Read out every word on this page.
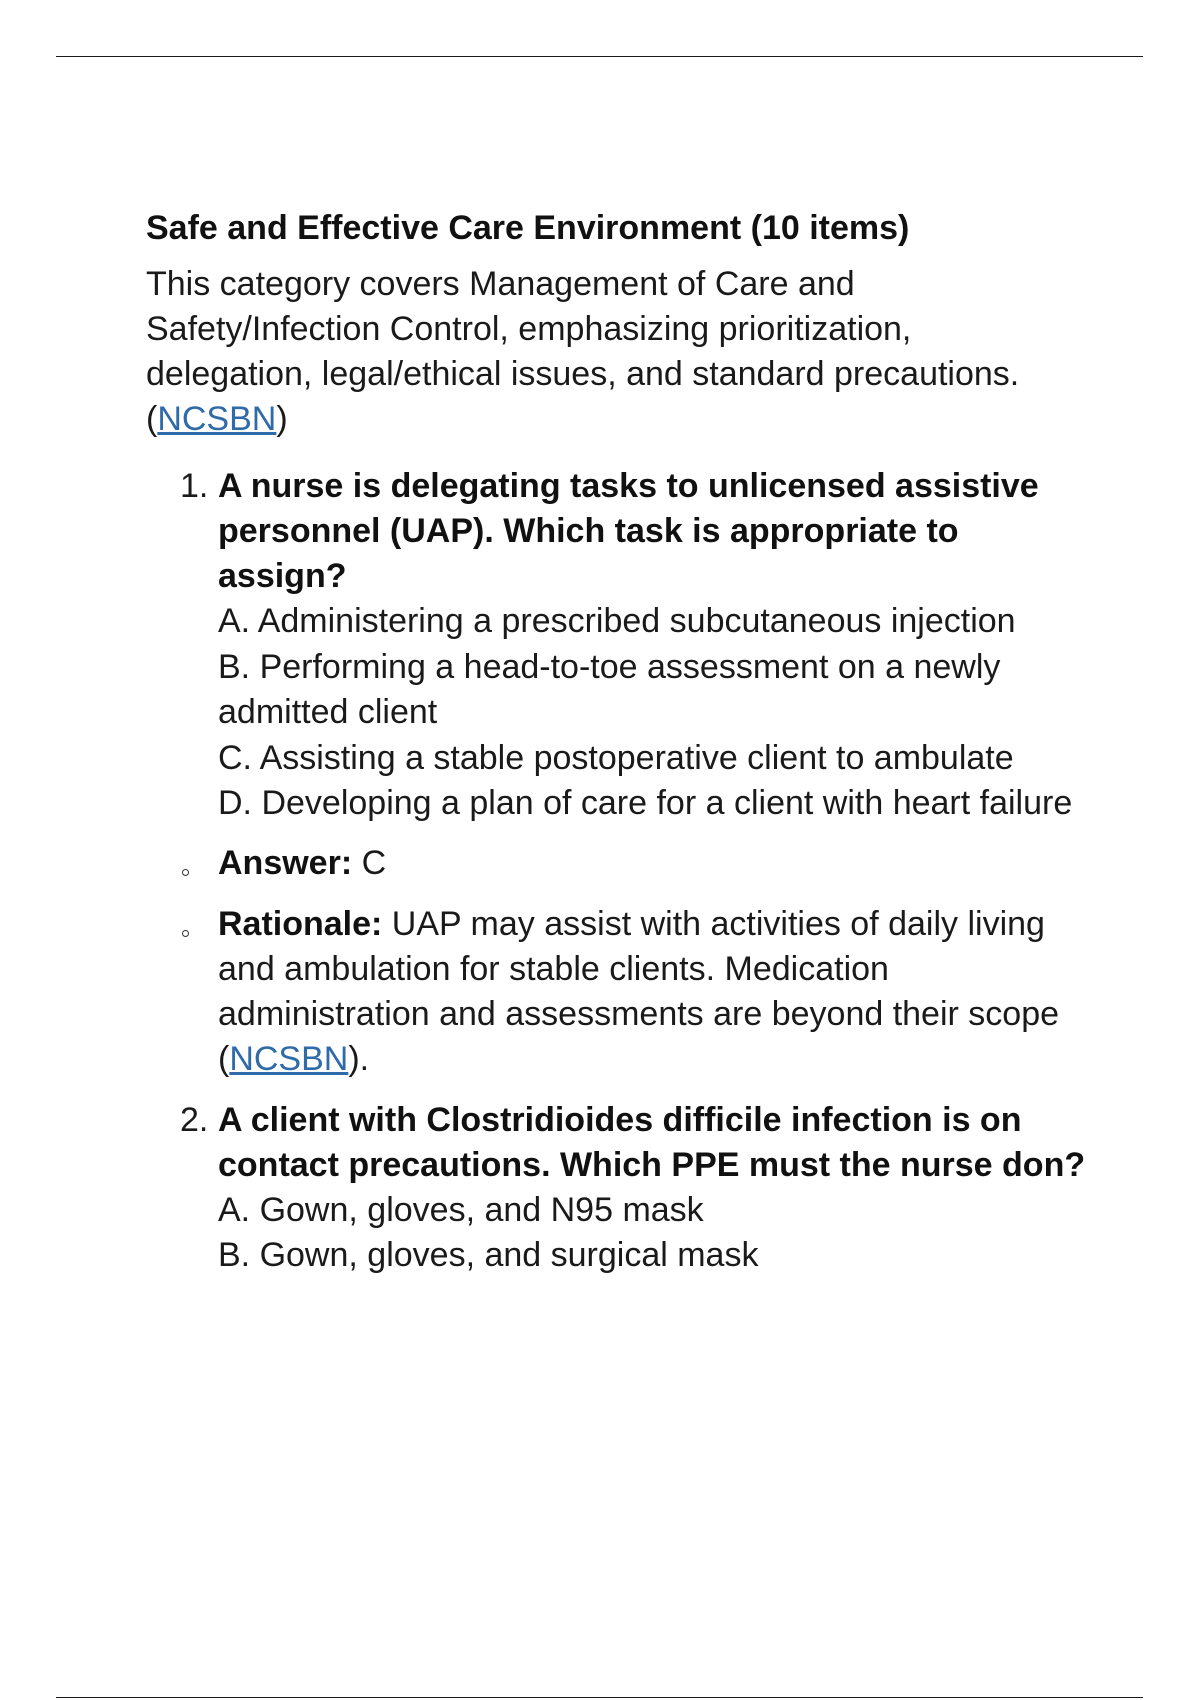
Safe and Effective Care Environment (10 items)

This category covers Management of Care and Safety/Infection Control, emphasizing prioritization, delegation, legal/ethical issues, and standard precautions. (NCSBN)

1. A nurse is delegating tasks to unlicensed assistive personnel (UAP). Which task is appropriate to assign?
A. Administering a prescribed subcutaneous injection
B. Performing a head-to-toe assessment on a newly admitted client
C. Assisting a stable postoperative client to ambulate
D. Developing a plan of care for a client with heart failure
Answer: C
Rationale: UAP may assist with activities of daily living and ambulation for stable clients. Medication administration and assessments are beyond their scope (NCSBN).
2. A client with Clostridioides difficile infection is on contact precautions. Which PPE must the nurse don?
A. Gown, gloves, and N95 mask
B. Gown, gloves, and surgical mask
